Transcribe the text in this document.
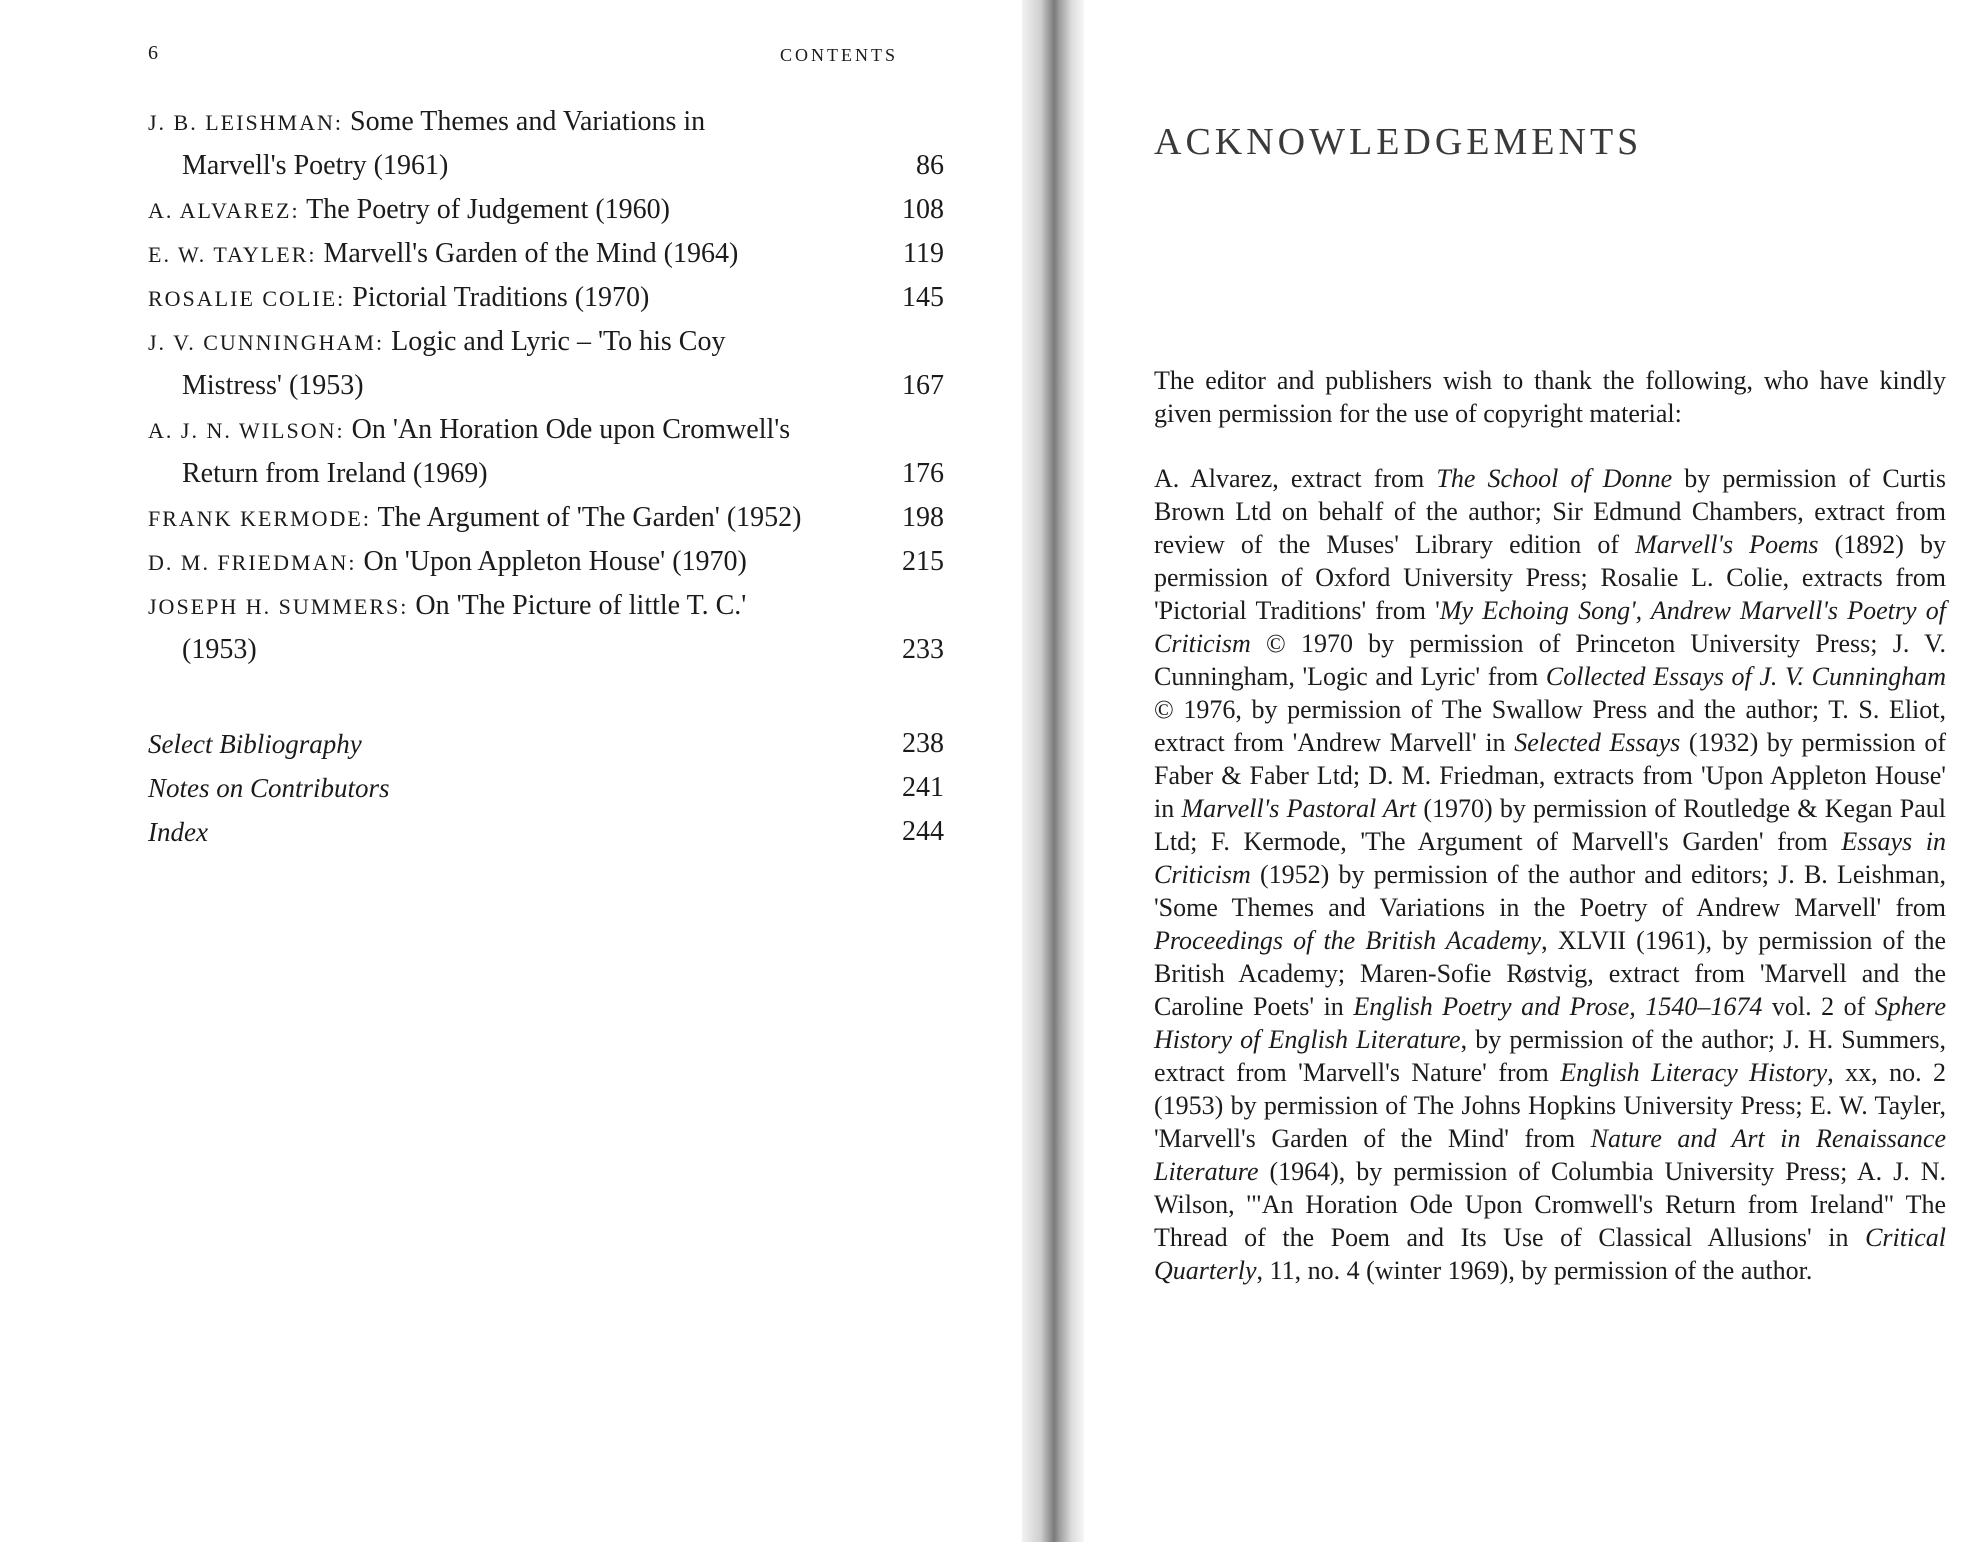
6	CONTENTS
J. B. LEISHMAN: Some Themes and Variations in
Marvell's Poetry (1961)	86
A. ALVAREZ: The Poetry of Judgement (1960)	108
E. W. TAYLER: Marvell's Garden of the Mind (1964)	119
ROSALIE COLIE: Pictorial Traditions (1970)	145
J. V. CUNNINGHAM: Logic and Lyric – 'To his Coy
Mistress' (1953)	167
A. J. N. WILSON: On 'An Horation Ode upon Cromwell's
Return from Ireland (1969)	176
FRANK KERMODE: The Argument of 'The Garden' (1952)	198
D. M. FRIEDMAN: On 'Upon Appleton House' (1970)	215
JOSEPH H. SUMMERS: On 'The Picture of little T. C.'
(1953)	233
Select Bibliography	238
Notes on Contributors	241
Index	244
ACKNOWLEDGEMENTS
The editor and publishers wish to thank the following, who have kindly given permission for the use of copyright material:
A. Alvarez, extract from The School of Donne by permission of Curtis Brown Ltd on behalf of the author; Sir Edmund Chambers, extract from review of the Muses' Library edition of Marvell's Poems (1892) by permission of Oxford University Press; Rosalie L. Colie, extracts from 'Pictorial Traditions' from 'My Echoing Song', Andrew Marvell's Poetry of Criticism © 1970 by permission of Princeton University Press; J. V. Cunningham, 'Logic and Lyric' from Collected Essays of J. V. Cunningham © 1976, by permission of The Swallow Press and the author; T. S. Eliot, extract from 'Andrew Marvell' in Selected Essays (1932) by permission of Faber & Faber Ltd; D. M. Friedman, extracts from 'Upon Appleton House' in Marvell's Pastoral Art (1970) by permission of Routledge & Kegan Paul Ltd; F. Kermode, 'The Argument of Marvell's Garden' from Essays in Criticism (1952) by permission of the author and editors; J. B. Leishman, 'Some Themes and Variations in the Poetry of Andrew Marvell' from Proceedings of the British Academy, XLVII (1961), by permission of the British Academy; Maren-Sofie Røstvig, extract from 'Marvell and the Caroline Poets' in English Poetry and Prose, 1540–1674 vol. 2 of Sphere History of English Literature, by permission of the author; J. H. Summers, extract from 'Marvell's Nature' from English Literacy History, xx, no. 2 (1953) by permission of The Johns Hopkins University Press; E. W. Tayler, 'Marvell's Garden of the Mind' from Nature and Art in Renaissance Literature (1964), by permission of Columbia University Press; A. J. N. Wilson, '"An Horation Ode Upon Cromwell's Return from Ireland" The Thread of the Poem and Its Use of Classical Allusions' in Critical Quarterly, 11, no. 4 (winter 1969), by permission of the author.
